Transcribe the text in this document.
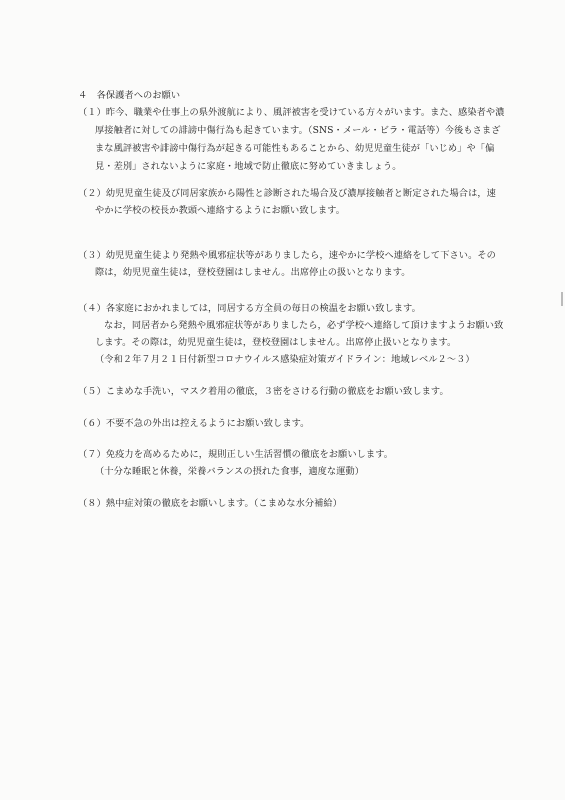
４　各保護者へのお願い
（１）昨今、職業や仕事上の県外渡航により、風評被害を受けている方々がいます。また、感染者や濃
厚接触者に対しての誹謗中傷行為も起きています。（SNS・メール・ビラ・電話等）今後もさまざ
まな風評被害や誹謗中傷行為が起きる可能性もあることから、幼児児童生徒が「いじめ」や「偏
見・差別」されないように家庭・地域で防止徹底に努めていきましょう。
（２）幼児児童生徒及び同居家族から陽性と診断された場合及び濃厚接触者と断定された場合は，速
やかに学校の校長か教頭へ連絡するようにお願い致します。
（３）幼児児童生徒より発熱や風邪症状等がありましたら，速やかに学校へ連絡をして下さい。その
際は，幼児児童生徒は，登校登園はしません。出席停止の扱いとなります。
（４）各家庭におかれましては，同居する方全員の毎日の検温をお願い致します。
なお，同居者から発熱や風邪症状等がありましたら，必ず学校へ連絡して頂けますようお願い致
します。その際は，幼児児童生徒は，登校登園はしません。出席停止扱いとなります。
（令和２年７月２１日付新型コロナウイルス感染症対策ガイドライン：地域レベル２～３）
（５）こまめな手洗い，マスク着用の徹底，３密をさける行動の徹底をお願い致します。
（６）不要不急の外出は控えるようにお願い致します。
（７）免疫力を高めるために，規則正しい生活習慣の徹底をお願いします。
（十分な睡眠と休養，栄養バランスの摂れた食事，適度な運動）
（８）熱中症対策の徹底をお願いします。（こまめな水分補給）
